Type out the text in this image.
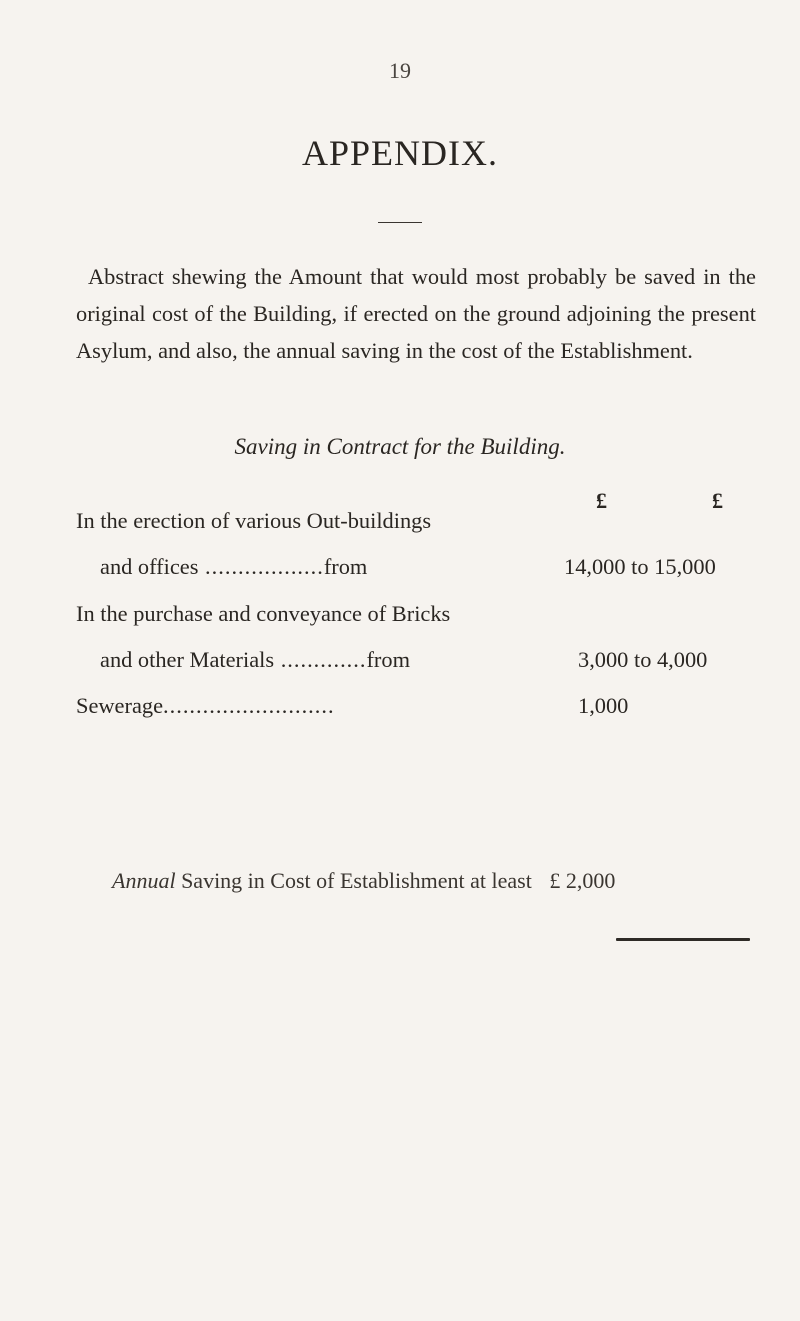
19
APPENDIX.

Abstract shewing the Amount that would most probably be saved in the original cost of the Building, if erected on the ground adjoining the present Asylum, and also, the annual saving in the cost of the Establishment.

Saving in Contract for the Building.
£	£
In the erection of various Out-buildings
and offices ..................from	14,000 to 15,000
In the purchase and conveyance of Bricks
and other Materials .............from	3,000 to 4,000
Sewerage..........................	1,000
Annual Saving in Cost of Establishment at least £ 2,000
